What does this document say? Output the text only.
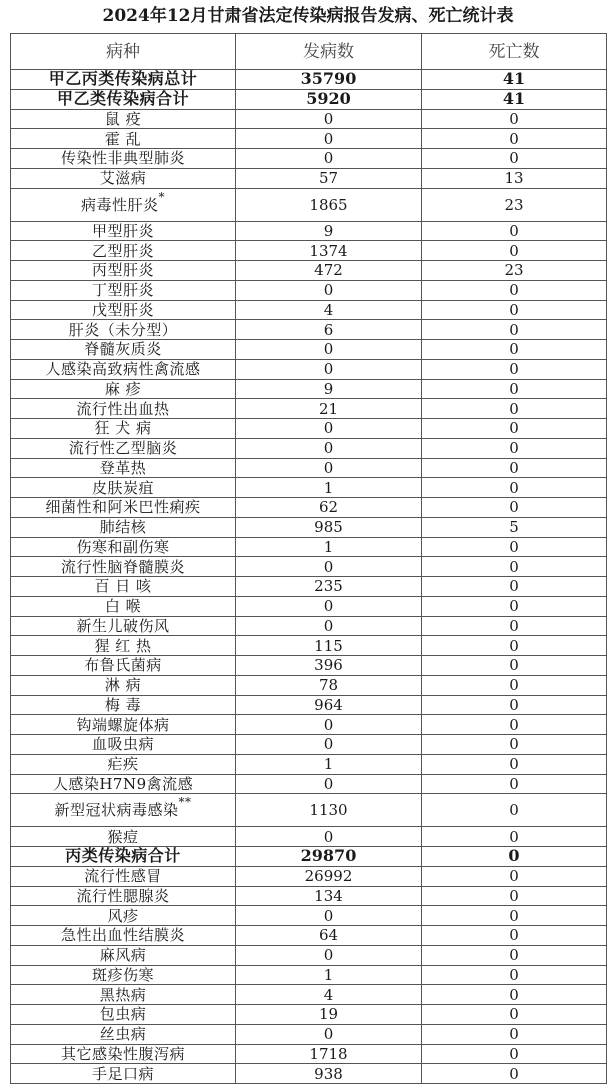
2024年12月甘肃省法定传染病报告发病、死亡统计表
病种	发病数	死亡数
甲乙丙类传染病总计	35790	41
甲乙类传染病合计	5920	41
鼠 疫	0	0
霍 乱	0	0
传染性非典型肺炎	0	0
艾滋病	57	13
病毒性肝炎*	1865	23
甲型肝炎	9	0
乙型肝炎	1374	0
丙型肝炎	472	23
丁型肝炎	0	0
戊型肝炎	4	0
肝炎（未分型）	6	0
脊髓灰质炎	0	0
人感染高致病性禽流感	0	0
麻 疹	9	0
流行性出血热	21	0
狂 犬 病	0	0
流行性乙型脑炎	0	0
登革热	0	0
皮肤炭疽	1	0
细菌性和阿米巴性痢疾	62	0
肺结核	985	5
伤寒和副伤寒	1	0
流行性脑脊髓膜炎	0	0
百 日 咳	235	0
白 喉	0	0
新生儿破伤风	0	0
猩 红 热	115	0
布鲁氏菌病	396	0
淋 病	78	0
梅 毒	964	0
钩端螺旋体病	0	0
血吸虫病	0	0
疟疾	1	0
人感染H7N9禽流感	0	0
新型冠状病毒感染**	1130	0
猴痘	0	0
丙类传染病合计	29870	0
流行性感冒	26992	0
流行性腮腺炎	134	0
风疹	0	0
急性出血性结膜炎	64	0
麻风病	0	0
斑疹伤寒	1	0
黑热病	4	0
包虫病	19	0
丝虫病	0	0
其它感染性腹泻病	1718	0
手足口病	938	0
